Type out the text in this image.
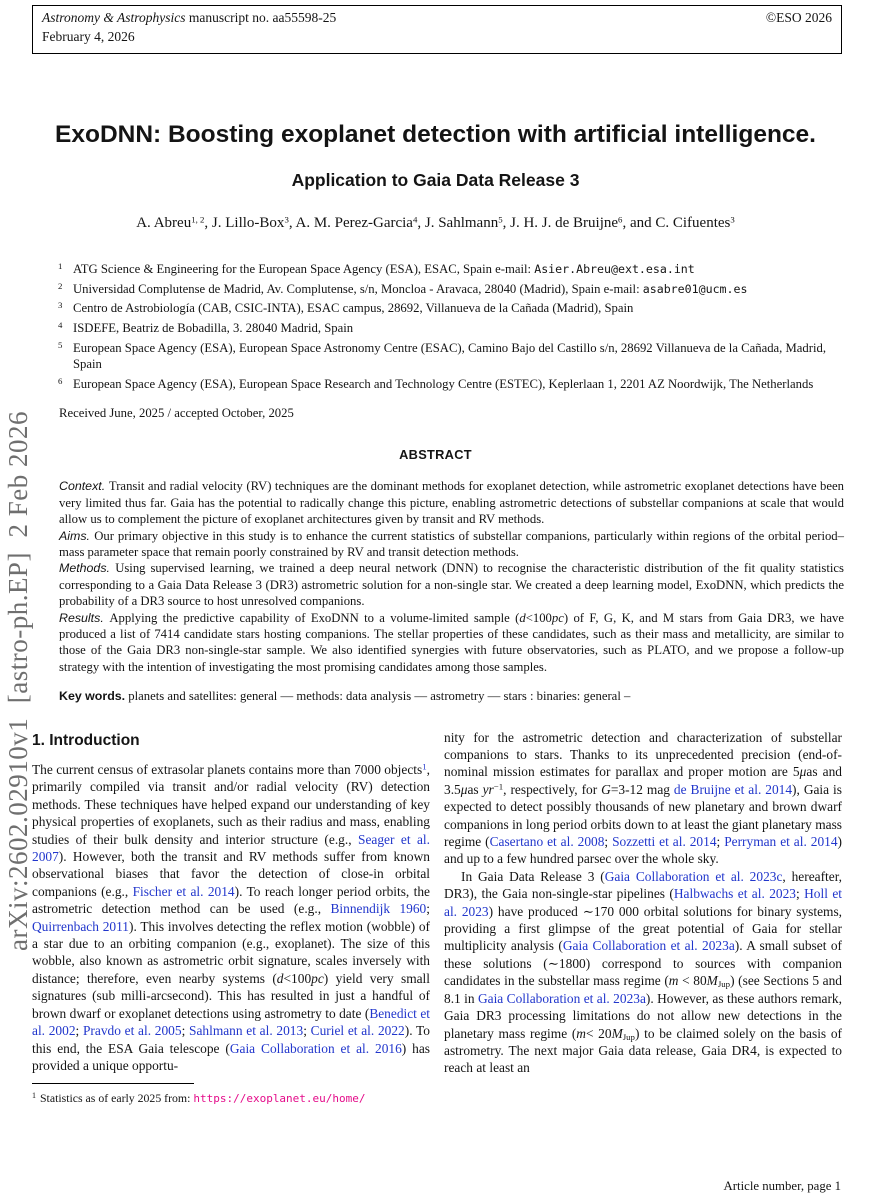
arXiv:2602.02910v1  [astro-ph.EP]  2 Feb 2026
Astronomy & Astrophysics manuscript no. aa55598-25
February 4, 2026
©ESO 2026
ExoDNN: Boosting exoplanet detection with artificial intelligence.
Application to Gaia Data Release 3
A. Abreu$^{1, 2}$, J. Lillo-Box$^3$, A. M. Perez-Garcia$^4$, J. Sahlmann$^5$, J. H. J. de Bruijne$^6$, and C. Cifuentes$^3$
1 ATG Science & Engineering for the European Space Agency (ESA), ESAC, Spain e-mail: Asier.Abreu@ext.esa.int
2 Universidad Complutense de Madrid, Av. Complutense, s/n, Moncloa - Aravaca, 28040 (Madrid), Spain e-mail: asabre01@ucm.es
3 Centro de Astrobiología (CAB, CSIC-INTA), ESAC campus, 28692, Villanueva de la Cañada (Madrid), Spain
4 ISDEFE, Beatriz de Bobadilla, 3. 28040 Madrid, Spain
5 European Space Agency (ESA), European Space Astronomy Centre (ESAC), Camino Bajo del Castillo s/n, 28692 Villanueva de la Cañada, Madrid, Spain
6 European Space Agency (ESA), European Space Research and Technology Centre (ESTEC), Keplerlaan 1, 2201 AZ Noordwijk, The Netherlands
Received June, 2025 / accepted October, 2025
ABSTRACT
Context. Transit and radial velocity (RV) techniques are the dominant methods for exoplanet detection, while astrometric exoplanet detections have been very limited thus far. Gaia has the potential to radically change this picture, enabling astrometric detections of substellar companions at scale that would allow us to complement the picture of exoplanet architectures given by transit and RV methods.
Aims. Our primary objective in this study is to enhance the current statistics of substellar companions, particularly within regions of the orbital period–mass parameter space that remain poorly constrained by RV and transit detection methods.
Methods. Using supervised learning, we trained a deep neural network (DNN) to recognise the characteristic distribution of the fit quality statistics corresponding to a Gaia Data Release 3 (DR3) astrometric solution for a non-single star. We created a deep learning model, ExoDNN, which predicts the probability of a DR3 source to host unresolved companions.
Results. Applying the predictive capability of ExoDNN to a volume-limited sample (d<100pc) of F, G, K, and M stars from Gaia DR3, we have produced a list of 7414 candidate stars hosting companions. The stellar properties of these candidates, such as their mass and metallicity, are similar to those of the Gaia DR3 non-single-star sample. We also identified synergies with future observatories, such as PLATO, and we propose a follow-up strategy with the intention of investigating the most promising candidates among those samples.
Key words. planets and satellites: general — methods: data analysis — astrometry — stars : binaries: general –
1. Introduction
The current census of extrasolar planets contains more than 7000 objects$^1$, primarily compiled via transit and/or radial velocity (RV) detection methods. These techniques have helped expand our understanding of key physical properties of exoplanets, such as their radius and mass, enabling studies of their bulk density and interior structure (e.g., Seager et al. 2007). However, both the transit and RV methods suffer from known observational biases that favor the detection of close-in orbital companions (e.g., Fischer et al. 2014). To reach longer period orbits, the astrometric detection method can be used (e.g., Binnendijk 1960; Quirrenbach 2011). This involves detecting the reflex motion (wobble) of a star due to an orbiting companion (e.g., exoplanet). The size of this wobble, also known as astrometric orbit signature, scales inversely with distance; therefore, even nearby systems (d<100pc) yield very small signatures (sub milli-arcsecond). This has resulted in just a handful of brown dwarf or exoplanet detections using astrometry to date (Benedict et al. 2002; Pravdo et al. 2005; Sahlmann et al. 2013; Curiel et al. 2022). To this end, the ESA Gaia telescope (Gaia Collaboration et al. 2016) has provided a unique opportu-
$^1$ Statistics as of early 2025 from: https://exoplanet.eu/home/
nity for the astrometric detection and characterization of substellar companions to stars. Thanks to its unprecedented precision (end-of-nominal mission estimates for parallax and proper motion are 5μas and 3.5μas $yr^{-1}$, respectively, for G=3-12 mag de Bruijne et al. 2014), Gaia is expected to detect possibly thousands of new planetary and brown dwarf companions in long period orbits down to at least the giant planetary mass regime (Casertano et al. 2008; Sozzetti et al. 2014; Perryman et al. 2014) and up to a few hundred parsec over the whole sky.
In Gaia Data Release 3 (Gaia Collaboration et al. 2023c, hereafter, DR3), the Gaia non-single-star pipelines (Halbwachs et al. 2023; Holl et al. 2023) have produced ∼170 000 orbital solutions for binary systems, providing a first glimpse of the great potential of Gaia for stellar multiplicity analysis (Gaia Collaboration et al. 2023a). A small subset of these solutions (∼1800) correspond to sources with companion candidates in the substellar mass regime $(m < 80M_{Jup})$ (see Sections 5 and 8.1 in Gaia Collaboration et al. 2023a). However, as these authors remark, Gaia DR3 processing limitations do not allow new detections in the planetary mass regime $(m< 20M_{Jup})$ to be claimed solely on the basis of astrometry. The next major Gaia data release, Gaia DR4, is expected to reach at least an
Article number, page 1
